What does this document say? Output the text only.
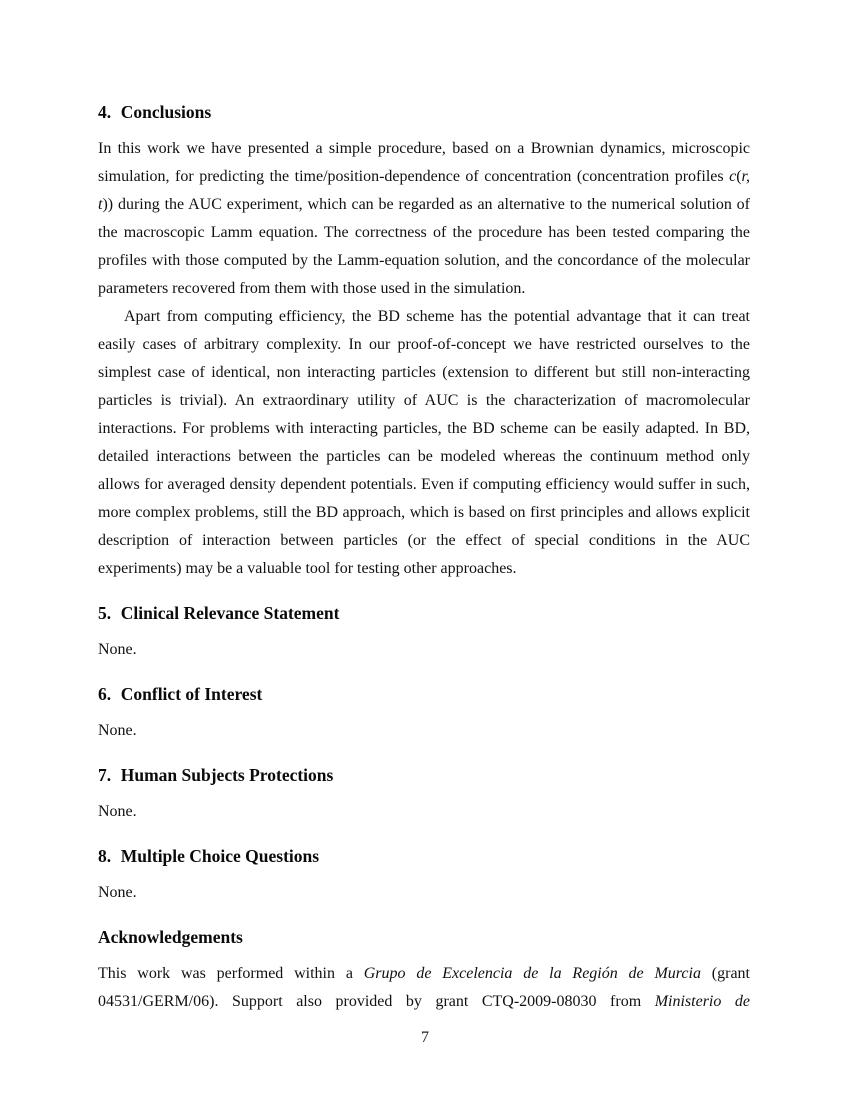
4. Conclusions

In this work we have presented a simple procedure, based on a Brownian dynamics, microscopic simulation, for predicting the time/position-dependence of concentration (concentration profiles c(r, t)) during the AUC experiment, which can be regarded as an alternative to the numerical solution of the macroscopic Lamm equation. The correctness of the procedure has been tested comparing the profiles with those computed by the Lamm-equation solution, and the concordance of the molecular parameters recovered from them with those used in the simulation.

Apart from computing efficiency, the BD scheme has the potential advantage that it can treat easily cases of arbitrary complexity. In our proof-of-concept we have restricted ourselves to the simplest case of identical, non interacting particles (extension to different but still non-interacting particles is trivial). An extraordinary utility of AUC is the characterization of macromolecular interactions. For problems with interacting particles, the BD scheme can be easily adapted. In BD, detailed interactions between the particles can be modeled whereas the continuum method only allows for averaged density dependent potentials. Even if computing efficiency would suffer in such, more complex problems, still the BD approach, which is based on first principles and allows explicit description of interaction between particles (or the effect of special conditions in the AUC experiments) may be a valuable tool for testing other approaches.

5. Clinical Relevance Statement

None.

6. Conflict of Interest

None.

7. Human Subjects Protections

None.

8. Multiple Choice Questions

None.

Acknowledgements

This work was performed within a Grupo de Excelencia de la Región de Murcia (grant 04531/GERM/06). Support also provided by grant CTQ-2009-08030 from Ministerio de

7
